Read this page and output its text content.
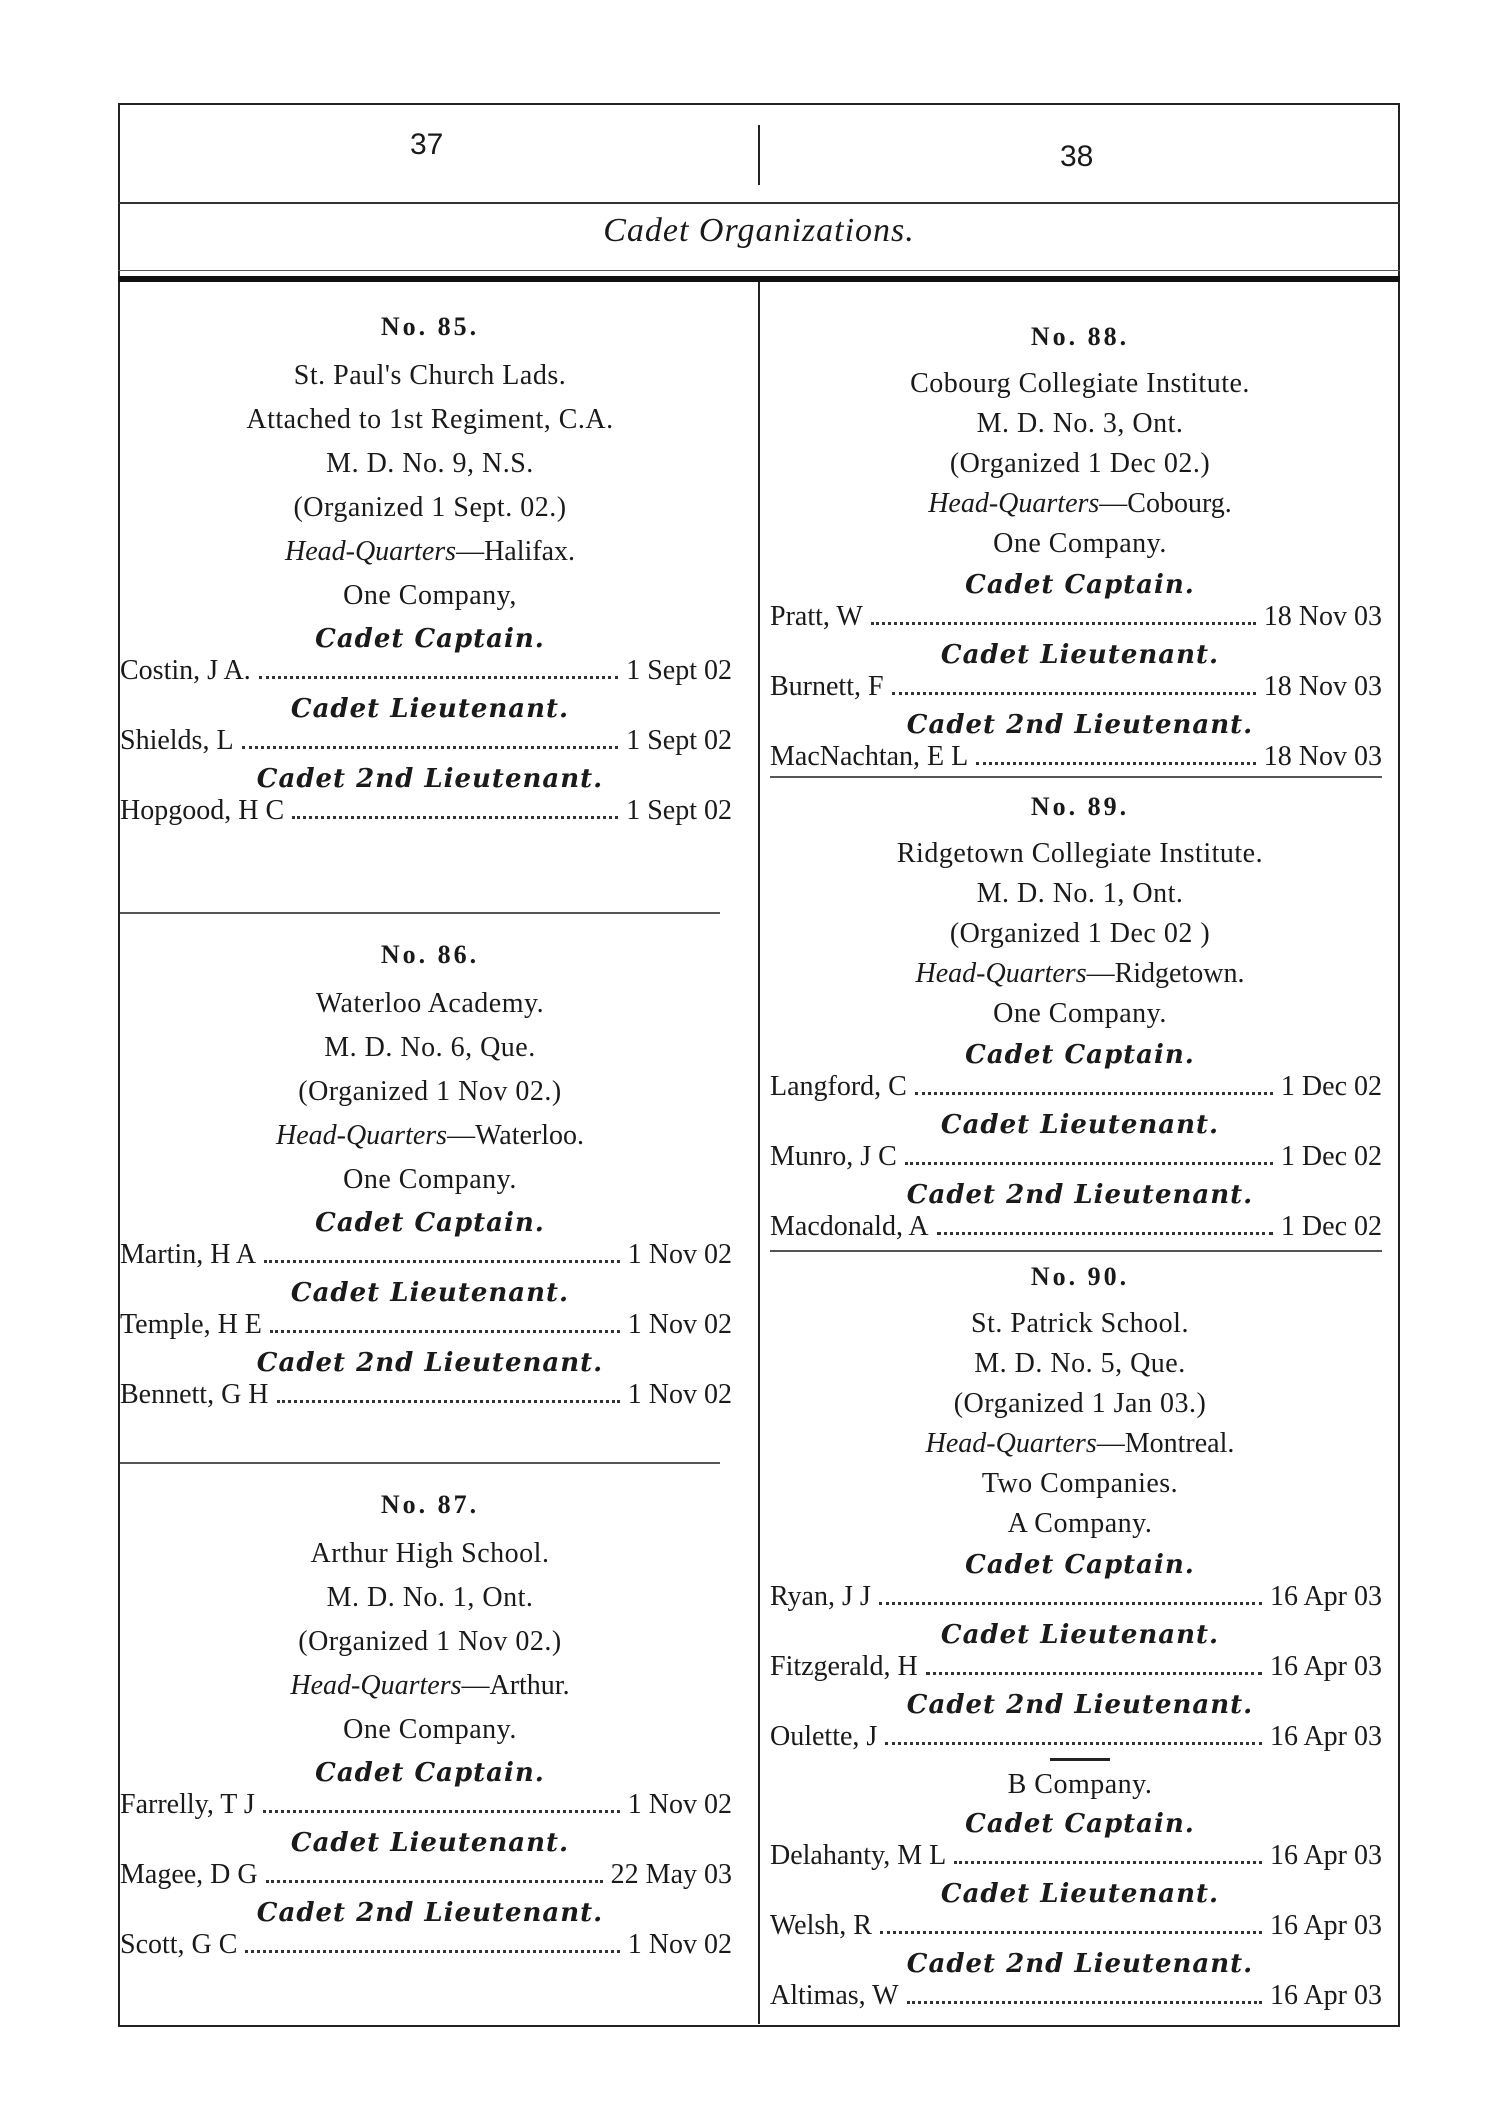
37	38
Cadet Organizations.
No. 85.
St. Paul's Church Lads.
Attached to 1st Regiment, C.A.
M. D. No. 9, N.S.
(Organized 1 Sept. 02.)
Head-Quarters—Halifax.
One Company,
Cadet Captain.
Costin, J A.	1 Sept 02
Cadet Lieutenant.
Shields, L	1 Sept 02
Cadet 2nd Lieutenant.
Hopgood, H C	1 Sept 02
No. 86.
Waterloo Academy.
M. D. No. 6, Que.
(Organized 1 Nov 02.)
Head-Quarters—Waterloo.
One Company.
Cadet Captain.
Martin, H A	1 Nov 02
Cadet Lieutenant.
Temple, H E	1 Nov 02
Cadet 2nd Lieutenant.
Bennett, G H	1 Nov 02
No. 87.
Arthur High School.
M. D. No. 1, Ont.
(Organized 1 Nov 02.)
Head-Quarters—Arthur.
One Company.
Cadet Captain.
Farrelly, T J	1 Nov 02
Cadet Lieutenant.
Magee, D G	22 May 03
Cadet 2nd Lieutenant.
Scott, G C	1 Nov 02
No. 88.
Cobourg Collegiate Institute.
M. D. No. 3, Ont.
(Organized 1 Dec 02.)
Head-Quarters—Cobourg.
One Company.
Cadet Captain.
Pratt, W	18 Nov 03
Cadet Lieutenant.
Burnett, F	18 Nov 03
Cadet 2nd Lieutenant.
MacNachtan, E L	18 Nov 03
No. 89.
Ridgetown Collegiate Institute.
M. D. No. 1, Ont.
(Organized 1 Dec 02 )
Head-Quarters—Ridgetown.
One Company.
Cadet Captain.
Langford, C	1 Dec 02
Cadet Lieutenant.
Munro, J C	1 Dec 02
Cadet 2nd Lieutenant.
Macdonald, A	1 Dec 02
No. 90.
St. Patrick School.
M. D. No. 5, Que.
(Organized 1 Jan 03.)
Head-Quarters—Montreal.
Two Companies.
A Company.
Cadet Captain.
Ryan, J J	16 Apr 03
Cadet Lieutenant.
Fitzgerald, H	16 Apr 03
Cadet 2nd Lieutenant.
Oulette, J	16 Apr 03
B Company.
Cadet Captain.
Delahanty, M L	16 Apr 03
Cadet Lieutenant.
Welsh, R	16 Apr 03
Cadet 2nd Lieutenant.
Altimas, W	16 Apr 03
